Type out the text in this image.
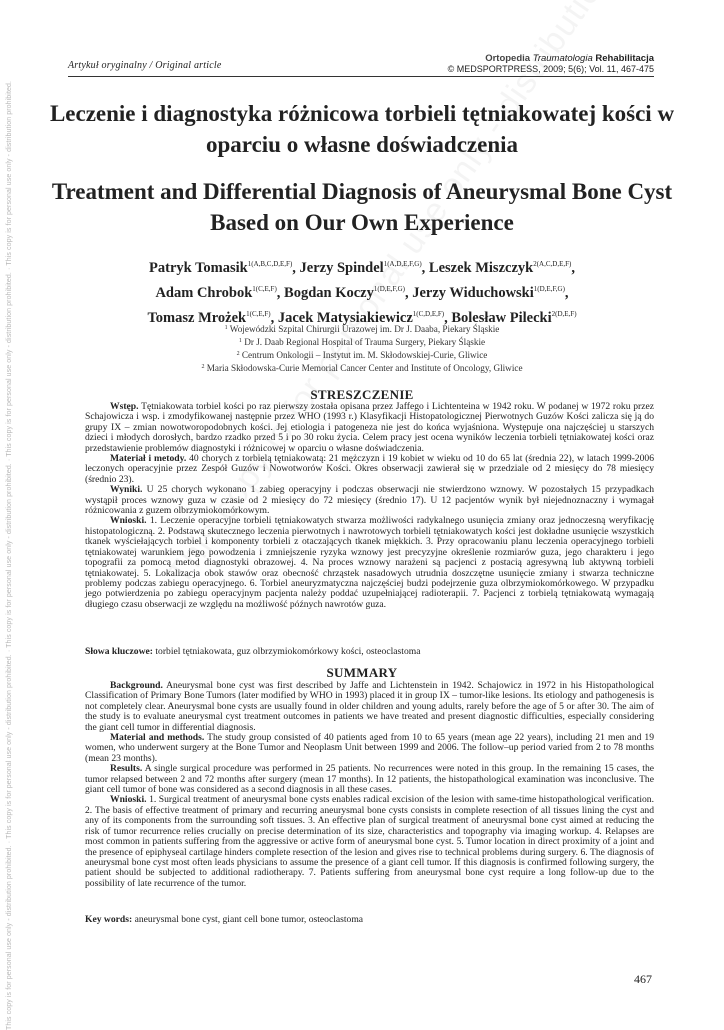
This copy is for personal use only - distribution prohibited. · This copy is for personal use only - distribution prohibited. · This copy is for personal use only - distribution prohibited. · This copy is for personal use only - distribution prohibited. · This copy is for personal use only - distribution prohibited.
Artykuł oryginalny / Original article
Ortopedia Traumatologia Rehabilitacja
© MEDSPORTPRESS, 2009; 5(6); Vol. 11, 467-475
Leczenie i diagnostyka różnicowa torbieli tętniakowatej kości w oparciu o własne doświadczenia
Treatment and Differential Diagnosis of Aneurysmal Bone Cyst Based on Our Own Experience
Patryk Tomasik$^{1(A,B,C,D,E,F)}$, Jerzy Spindel$^{1(A,D,E,F,G)}$, Leszek Miszczyk$^{2(A,C,D,E,F)}$,
Adam Chrobok$^{1(C,E,F)}$, Bogdan Koczy$^{1(D,E,F,G)}$, Jerzy Widuchowski$^{1(D,E,F,G)}$,
Tomasz Mrożek$^{1(C,E,F)}$, Jacek Matysiakiewicz$^{1(C,D,E,F)}$, Bolesław Pilecki$^{2(D,E,F)}$
$^1$ Wojewódzki Szpital Chirurgii Urazowej im. Dr J. Daaba, Piekary Śląskie
$^1$ Dr J. Daab Regional Hospital of Trauma Surgery, Piekary Śląskie
$^2$ Centrum Onkologii – Instytut im. M. Skłodowskiej-Curie, Gliwice
$^2$ Maria Skłodowska-Curie Memorial Cancer Center and Institute of Oncology, Gliwice
STRESZCZENIE

Wstęp. Tętniakowata torbiel kości po raz pierwszy została opisana przez Jaffego i Lichtenteina w 1942 roku. W podanej w 1972 roku przez Schajowicza i wsp. i zmodyfikowanej następnie przez WHO (1993 r.) Klasyfikacji Histopatologicznej Pierwotnych Guzów Kości zalicza się ją do grupy IX – zmian nowotworopodobnych kości. Jej etiologia i patogeneza nie jest do końca wyjaśniona. Występuje ona najczęściej u starszych dzieci i młodych dorosłych, bardzo rzadko przed 5 i po 30 roku życia. Celem pracy jest ocena wyników leczenia torbieli tętniakowatej kości oraz przedstawienie problemów diagnostyki i różnicowej w oparciu o własne doświadczenia.

Materiał i metody. 40 chorych z torbielą tętniakowatą: 21 mężczyzn i 19 kobiet w wieku od 10 do 65 lat (średnia 22), w latach 1999-2006 leczonych operacyjnie przez Zespół Guzów i Nowotworów Kości. Okres obserwacji zawierał się w przedziale od 2 miesięcy do 78 miesięcy (średnio 23).

Wyniki. U 25 chorych wykonano 1 zabieg operacyjny i podczas obserwacji nie stwierdzono wznowy. W pozostałych 15 przypadkach wystąpił proces wznowy guza w czasie od 2 miesięcy do 72 miesięcy (średnio 17). U 12 pacjentów wynik był niejednoznaczny i wymagał różnicowania z guzem olbrzymiokomórkowym.

Wnioski. 1. Leczenie operacyjne torbieli tętniakowatych stwarza możliwości radykalnego usunięcia zmiany oraz jednoczesną weryfikację histopatologiczną. 2. Podstawą skutecznego leczenia pierwotnych i nawrotowych torbieli tętniakowatych kości jest dokładne usunięcie wszystkich tkanek wyściełających torbiel i komponenty torbieli z otaczających tkanek miękkich. 3. Przy opracowaniu planu leczenia operacyjnego torbieli tętniakowatej warunkiem jego powodzenia i zmniejszenie ryzyka wznowy jest precyzyjne określenie rozmiarów guza, jego charakteru i jego topografii za pomocą metod diagnostyki obrazowej. 4. Na proces wznowy narażeni są pacjenci z postacią agresywną lub aktywną torbieli tętniakowatej. 5. Lokalizacja obok stawów oraz obecność chrząstek nasadowych utrudnia doszczętne usunięcie zmiany i stwarza techniczne problemy podczas zabiegu operacyjnego. 6. Torbiel aneuryzmatyczna najczęściej budzi podejrzenie guza olbrzymiokomórkowego. W przypadku jego potwierdzenia po zabiegu operacyjnym pacjenta należy poddać uzupełniającej radioterapii. 7. Pacjenci z torbielą tętniakowatą wymagają długiego czasu obserwacji ze względu na możliwość późnych nawrotów guza.

Słowa kluczowe: torbiel tętniakowata, guz olbrzymiokomórkowy kości, osteoclastoma
SUMMARY

Background. Aneurysmal bone cyst was first described by Jaffe and Lichtenstein in 1942. Schajowicz in 1972 in his Histopathological Classification of Primary Bone Tumors (later modified by WHO in 1993) placed it in group IX – tumor-like lesions. Its etiology and pathogenesis is not completely clear. Aneurysmal bone cysts are usually found in older children and young adults, rarely before the age of 5 or after 30. The aim of the study is to evaluate aneurysmal cyst treatment outcomes in patients we have treated and present diagnostic difficulties, especially considering the giant cell tumor in differential diagnosis.

Material and methods. The study group consisted of 40 patients aged from 10 to 65 years (mean age 22 years), including 21 men and 19 women, who underwent surgery at the Bone Tumor and Neoplasm Unit between 1999 and 2006. The follow–up period varied from 2 to 78 months (mean 23 months).

Results. A single surgical procedure was performed in 25 patients. No recurrences were noted in this group. In the remaining 15 cases, the tumor relapsed between 2 and 72 months after surgery (mean 17 months). In 12 patients, the histopathological examination was inconclusive. The giant cell tumor of bone was considered as a second diagnosis in all these cases.

Wnioski. 1. Surgical treatment of aneurysmal bone cysts enables radical excision of the lesion with same-time histopathological verification. 2. The basis of effective treatment of primary and recurring aneurysmal bone cysts consists in complete resection of all tissues lining the cyst and any of its components from the surrounding soft tissues. 3. An effective plan of surgical treatment of aneurysmal bone cyst aimed at reducing the risk of tumor recurrence relies crucially on precise determination of its size, characteristics and topography via imaging workup. 4. Relapses are most common in patients suffering from the aggressive or active form of aneurysmal bone cyst. 5. Tumor location in direct proximity of a joint and the presence of epiphyseal cartilage hinders complete resection of the lesion and gives rise to technical problems during surgery. 6. The diagnosis of aneurysmal bone cyst most often leads physicians to assume the presence of a giant cell tumor. If this diagnosis is confirmed following surgery, the patient should be subjected to additional radiotherapy. 7. Patients suffering from aneurysmal bone cyst require a long follow-up due to the possibility of late recurrence of the tumor.

Key words: aneurysmal bone cyst, giant cell bone tumor, osteoclastoma
467
